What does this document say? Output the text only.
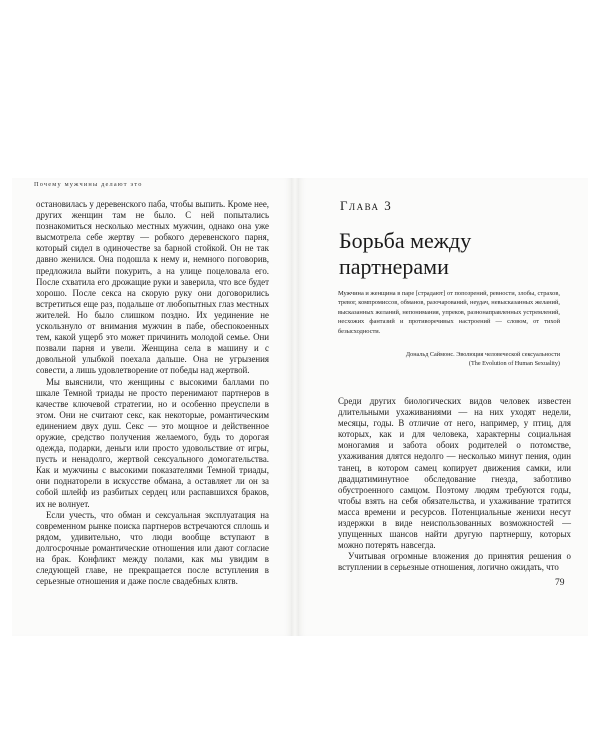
Почему мужчины делают это

остановилась у деревенского паба, чтобы выпить. Кроме нее, других женщин там не было. С ней попытались познакомиться несколько местных мужчин, однако она уже высмотрела себе жертву — робкого деревенского парня, который сидел в одиночестве за барной стойкой. Он не так давно женился. Она подошла к нему и, немного поговорив, предложила выйти покурить, а на улице поцеловала его. После схватила его дрожащие руки и заверила, что все будет хорошо. После секса на скорую руку они договорились встретиться еще раз, подальше от любопытных глаз местных жителей. Но было слишком поздно. Их уединение не ускользнуло от внимания мужчин в пабе, обеспокоенных тем, какой ущерб это может причинить молодой семье. Они позвали парня и увели. Женщина села в машину и с довольной улыбкой поехала дальше. Она не угрызения совести, а лишь удовлетворение от победы над жертвой.

Мы выяснили, что женщины с высокими баллами по шкале Темной триады не просто перенимают партнеров в качестве ключевой стратегии, но и особенно преуспели в этом. Они не считают секс, как некоторые, романтическим единением двух душ. Секс — это мощное и действенное оружие, средство получения желаемого, будь то дорогая одежда, подарки, деньги или просто удовольствие от игры, пусть и ненадолго, жертвой сексуального домогательства. Как и мужчины с высокими показателями Темной триады, они поднаторели в искусстве обмана, а оставляет ли он за собой шлейф из разбитых сердец или распавшихся браков, их не волнует.

Если учесть, что обман и сексуальная эксплуатация на современном рынке поиска партнеров встречаются сплошь и рядом, удивительно, что люди вообще вступают в долгосрочные романтические отношения или дают согласие на брак. Конфликт между полами, как мы увидим в следующей главе, не прекращается после вступления в серьезные отношения и даже после свадебных клятв.

Глава 3
Борьба между партнерами

Мужчина и женщина в паре [страдают] от попозрений, ревности, злобы, страхов, тревог, компромиссов, обманов, разочарований, неудач, невысказанных желаний, высказанных желаний, непонимания, упреков, разнонаправленных устремлений, несхожих фантазий и противоречивых настроений — словом, от тихой безысходности.

Дональд Саймонс. Эволюция человеческой сексуальности
(The Evolution of Human Sexuality)

Среди других биологических видов человек известен длительными ухаживаниями — на них уходят недели, месяцы, годы. В отличие от него, например, у птиц, для которых, как и для человека, характерны социальная моногамия и забота обоих родителей о потомстве, ухаживания длятся недолго — несколько минут пения, один танец, в котором самец копирует движения самки, или двадцатиминутное обследование гнезда, заботливо обустроенного самцом. Поэтому людям требуются годы, чтобы взять на себя обязательства, и ухаживание тратится масса времени и ресурсов. Потенциальные женихи несут издержки в виде неиспользованных возможностей — упущенных шансов найти другую партнершу, которых можно потерять навсегда.

Учитывая огромные вложения до принятия решения о вступлении в серьезные отношения, логично ожидать, что

79
